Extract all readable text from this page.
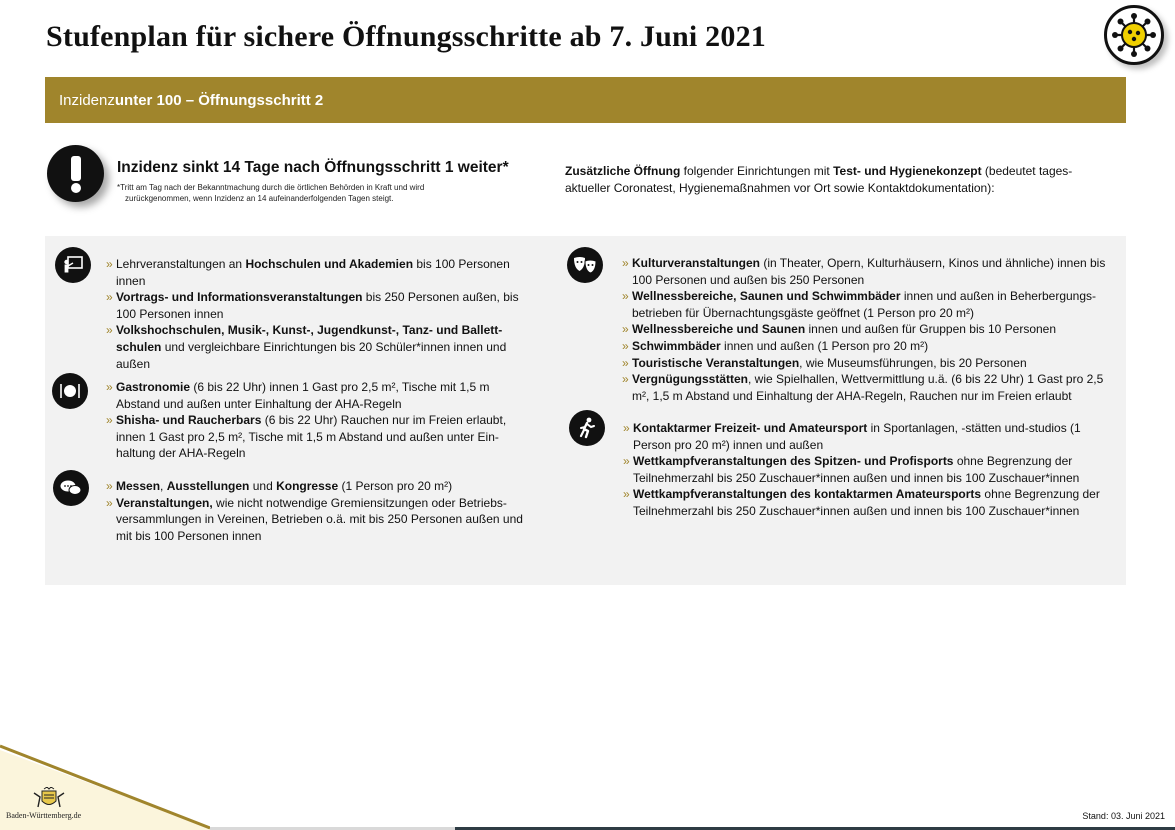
Stufenplan für sichere Öffnungsschritte ab 7. Juni 2021
Inzidenz unter 100 – Öffnungsschritt 2
Inzidenz sinkt 14 Tage nach Öffnungsschritt 1 weiter*
*Tritt am Tag nach der Bekanntmachung durch die örtlichen Behörden in Kraft und wird
zurückgenommen, wenn Inzidenz an 14 aufeinanderfolgenden Tagen steigt.
Zusätzliche Öffnung folgender Einrichtungen mit Test- und Hygienekonzept (bedeutet tages-aktueller Coronatest, Hygienemaßnahmen vor Ort sowie Kontaktdokumentation):
» Lehrveranstaltungen an Hochschulen und Akademien bis 100 Personen innen
» Vortrags- und Informationsveranstaltungen bis 250 Personen außen, bis 100 Personen innen
» Volkshochschulen, Musik-, Kunst-, Jugendkunst-, Tanz- und Ballett-schulen und vergleichbare Einrichtungen bis 20 Schüler*innen innen und außen
» Gastronomie (6 bis 22 Uhr) innen 1 Gast pro 2,5 m², Tische mit 1,5 m Abstand und außen unter Einhaltung der AHA-Regeln
» Shisha- und Raucherbars (6 bis 22 Uhr) Rauchen nur im Freien erlaubt, innen 1 Gast pro 2,5 m², Tische mit 1,5 m Abstand und außen unter Ein-haltung der AHA-Regeln
» Messen, Ausstellungen und Kongresse (1 Person pro 20 m²)
» Veranstaltungen, wie nicht notwendige Gremiensitzungen oder Betriebs-versammlungen in Vereinen, Betrieben o.ä. mit bis 250 Personen außen und mit bis 100 Personen innen
» Kulturveranstaltungen (in Theater, Opern, Kulturhäusern, Kinos und ähnliche) innen bis 100 Personen und außen bis 250 Personen
» Wellnessbereiche, Saunen und Schwimmbäder innen und außen in Beherbergungs-betrieben für Übernachtungsgäste geöffnet (1 Person pro 20 m²)
» Wellnessbereiche und Saunen innen und außen für Gruppen bis 10 Personen
» Schwimmbäder innen und außen (1 Person pro 20 m²)
» Touristische Veranstaltungen, wie Museumsführungen, bis 20 Personen
» Vergnügungsstätten, wie Spielhallen, Wettvermittlung u.ä. (6 bis 22 Uhr) 1 Gast pro 2,5 m², 1,5 m Abstand und Einhaltung der AHA-Regeln, Rauchen nur im Freien erlaubt
» Kontaktarmer Freizeit- und Amateursport in Sportanlagen, -stätten und-studios (1 Person pro 20 m²) innen und außen
» Wettkampfveranstaltungen des Spitzen- und Profisports ohne Begrenzung der Teilnehmerzahl bis 250 Zuschauer*innen außen und innen bis 100 Zuschauer*innen
» Wettkampfveranstaltungen des kontaktarmen Amateursports ohne Begrenzung der Teilnehmerzahl bis 250 Zuschauer*innen außen und innen bis 100 Zuschauer*innen
Baden-Württemberg.de	Stand: 03. Juni 2021
